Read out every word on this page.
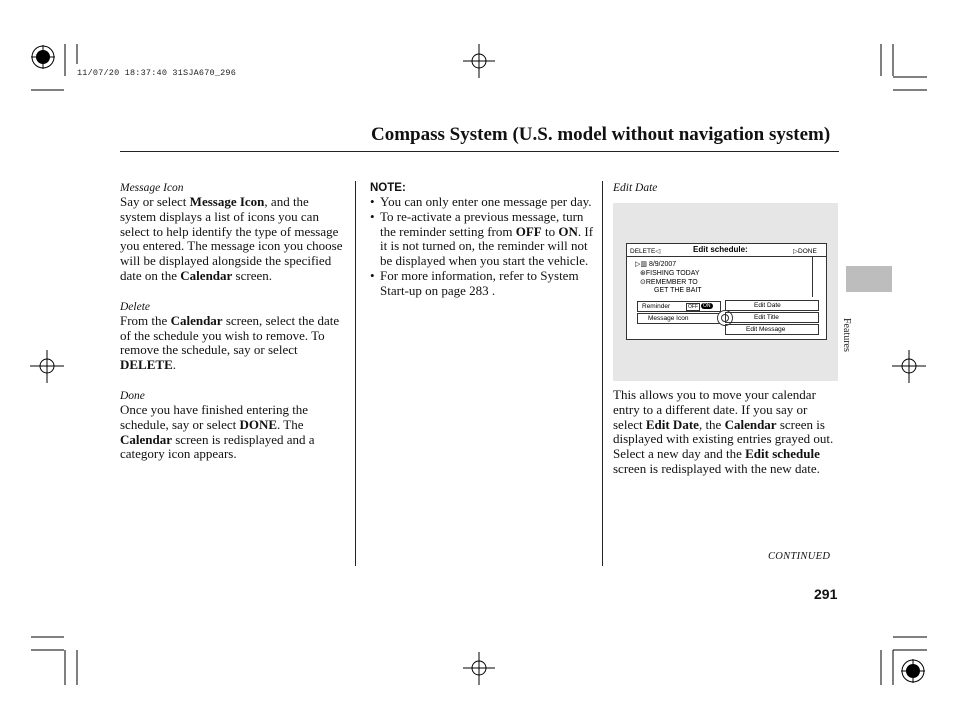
11/07/20 18:37:40 31SJA670_296
Compass System (U.S. model without navigation system)
Message Icon
Say or select Message Icon, and the system displays a list of icons you can select to help identify the type of message you entered. The message icon you choose will be displayed alongside the specified date on the Calendar screen.
Delete
From the Calendar screen, select the date of the schedule you wish to remove. To remove the schedule, say or select DELETE.
Done
Once you have finished entering the schedule, say or select DONE. The Calendar screen is redisplayed and a category icon appears.
NOTE:
• You can only enter one message per day.
• To re-activate a previous message, turn the reminder setting from OFF to ON. If it is not turned on, the reminder will not be displayed when you start the vehicle.
• For more information, refer to System Start-up on page 283 .
Edit Date
DELETE◁	Edit schedule:	▷DONE
▷▥ 8/9/2007
⊛FISHING TODAY
⊙REMEMBER TO
GET THE BAIT
Reminder	OFF	ON
Message Icon
Edit Date
Edit Title
Edit Message
This allows you to move your calendar entry to a different date. If you say or select Edit Date, the Calendar screen is displayed with existing entries grayed out. Select a new day and the Edit schedule screen is redisplayed with the new date.
Features
CONTINUED
291
